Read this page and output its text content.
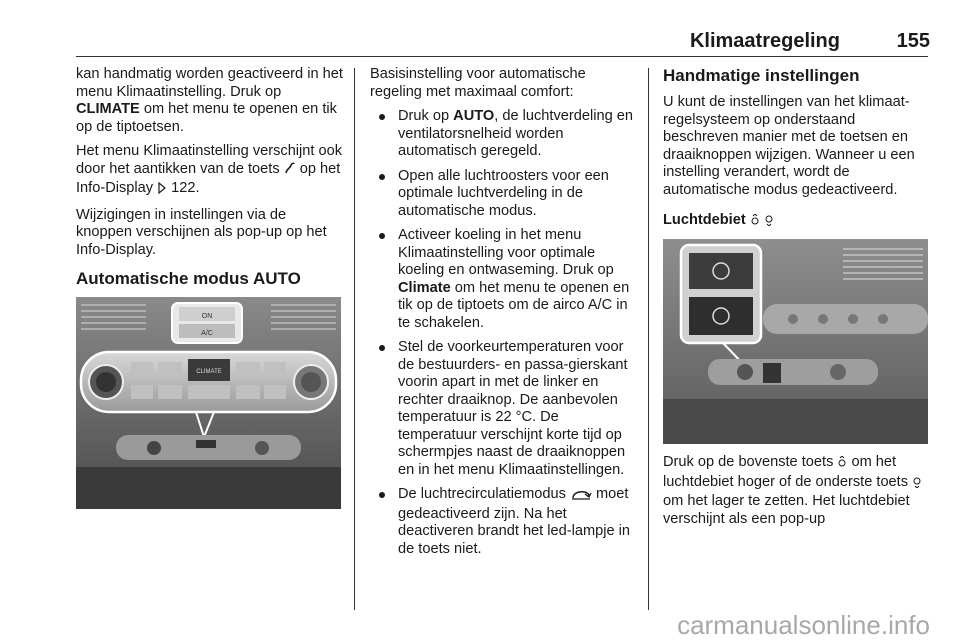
Klimaatregeling	155

kan handmatig worden geactiveerd in het menu Klimaatinstelling. Druk op CLIMATE om het menu te openen en tik op de tiptoetsen.

Het menu Klimaatinstelling verschijnt ook door het aantikken van de toets  op het Info-Display  122.

Wijzigingen in instellingen via de knoppen verschijnen als pop-up op het Info-Display.

Automatische modus AUTO
ON
A/C
CLIMATE

Basisinstelling voor automatische regeling met maximaal comfort:

Druk op AUTO, de luchtverdeling en ventilatorsnelheid worden automatisch geregeld.
Open alle luchtroosters voor een optimale luchtverdeling in de automatische modus.
Activeer koeling in het menu Klimaatinstelling voor optimale koeling en ontwaseming. Druk op Climate om het menu te openen en tik op de tiptoets om de airco A/C in te schakelen.
Stel de voorkeurtemperaturen voor de bestuurders- en passa-gierskant voorin apart in met de linker en rechter draaiknop. De aanbevolen temperatuur is 22 °C. De temperatuur verschijnt korte tijd op schermpjes naast de draaiknoppen en in het menu Klimaatinstellingen.
De luchtrecirculatiemodus  moet gedeactiveerd zijn. Na het deactiveren brandt het led-lampje in de toets niet.
Handmatige instellingen

U kunt de instellingen van het klimaat-regelsysteem op onderstaand beschreven manier met de toetsen en draaiknoppen wijzigen. Wanneer u een instelling verandert, wordt de automatische modus gedeactiveerd.

Luchtdebiet

Druk op de bovenste toets  om het luchtdebiet hoger of de onderste toets  om het lager te zetten. Het luchtdebiet verschijnt als een pop-up

carmanualsonline.info
